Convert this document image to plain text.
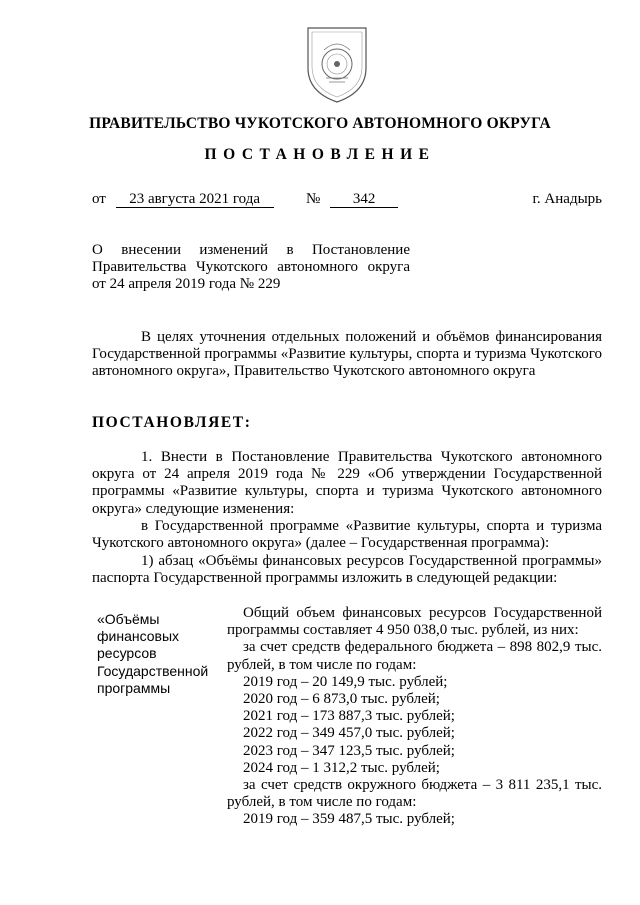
ПРАВИТЕЛЬСТВО ЧУКОТСКОГО АВТОНОМНОГО ОКРУГА
ПОСТАНОВЛЕНИЕ
от 23 августа 2021 года	№ 342	г. Анадырь
О внесении изменений в Постановление
Правительства Чукотского автономного округа
от 24 апреля 2019 года № 229
В целях уточнения отдельных положений и объёмов финансирования Государственной программы «Развитие культуры, спорта и туризма Чукотского автономного округа», Правительство Чукотского автономного округа
ПОСТАНОВЛЯЕТ:
1. Внести в Постановление Правительства Чукотского автономного округа от 24 апреля 2019 года № 229 «Об утверждении Государственной программы «Развитие культуры, спорта и туризма Чукотского автономного округа» следующие изменения:
в Государственной программе «Развитие культуры, спорта и туризма Чукотского автономного округа» (далее – Государственная программа):
1) абзац «Объёмы финансовых ресурсов Государственной программы» паспорта Государственной программы изложить в следующей редакции:
«Объёмы
финансовых
ресурсов
Государственной
программы
Общий объем финансовых ресурсов Государственной программы составляет 4 950 038,0 тыс. рублей, из них:
за счет средств федерального бюджета – 898 802,9 тыс. рублей, в том числе по годам:
2019 год – 20 149,9 тыс. рублей;
2020 год – 6 873,0 тыс. рублей;
2021 год – 173 887,3 тыс. рублей;
2022 год – 349 457,0 тыс. рублей;
2023 год – 347 123,5 тыс. рублей;
2024 год – 1 312,2 тыс. рублей;
за счет средств окружного бюджета – 3 811 235,1 тыс. рублей, в том числе по годам:
2019 год – 359 487,5 тыс. рублей;
